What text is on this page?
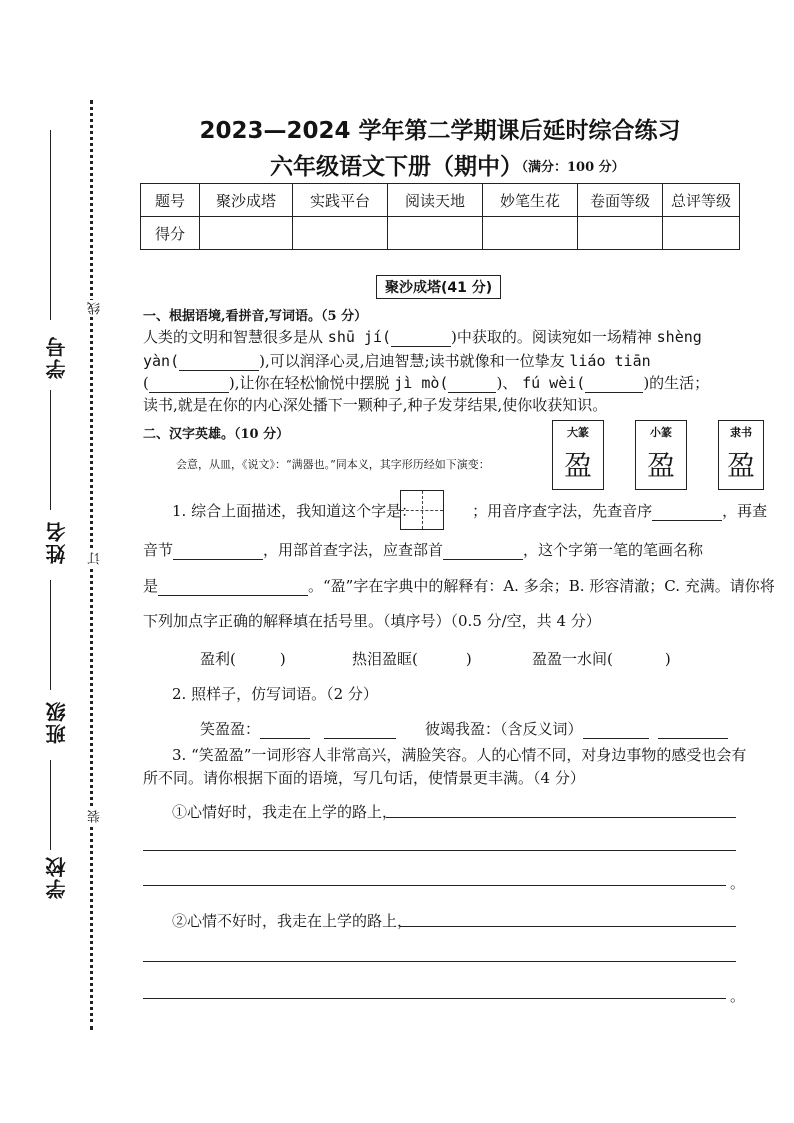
学号
姓名
班级
学校
线
订
装
2023—2024 学年第二学期课后延时综合练习
六年级语文下册（期中）
（满分：100 分）
题号	聚沙成塔	实践平台	阅读天地	妙笔生花	卷面等级	总评等级
得分						
聚沙成塔(41 分)
一、根据语境,看拼音,写词语。（5 分）
人类的文明和智慧很多是从 shū jí(	)中获取的。阅读宛如一场精神 shèng
yàn(	),可以润泽心灵,启迪智慧;读书就像和一位挚友 liáo tiān
(	),让你在轻松愉悦中摆脱 jì mò(	)、 fú wèi(	)的生活；
读书,就是在你的内心深处播下一颗种子,种子发芽结果,使你收获知识。
二、汉字英雄。（10 分）
会意，从皿，《说文》：“满器也。”同本义，其字形历经如下演变：
大篆
盈
小篆
盈
隶书
盈
1. 综合上面描述，我知道这个字是：	；用音序查字法，先查音序	，再查
音节	，用部首查字法，应查部首	，这个字第一笔的笔画名称
是	。“盈”字在字典中的解释有：A. 多余；B. 形容清澈；C. 充满。请你将
下列加点字正确的解释填在括号里。（填序号）（0.5 分/空，共 4 分）
盈利(	)	热泪盈眶(	)	盈盈一水间(	)
2. 照样子，仿写词语。（2 分）
笑盈盈：	彼竭我盈：（含反义词）
3. “笑盈盈”一词形容人非常高兴，满脸笑容。人的心情不同，对身边事物的感受也会有
所不同。请你根据下面的语境，写几句话，使情景更丰满。（4 分）
①心情好时，我走在上学的路上，
。
②心情不好时，我走在上学的路上，
。
